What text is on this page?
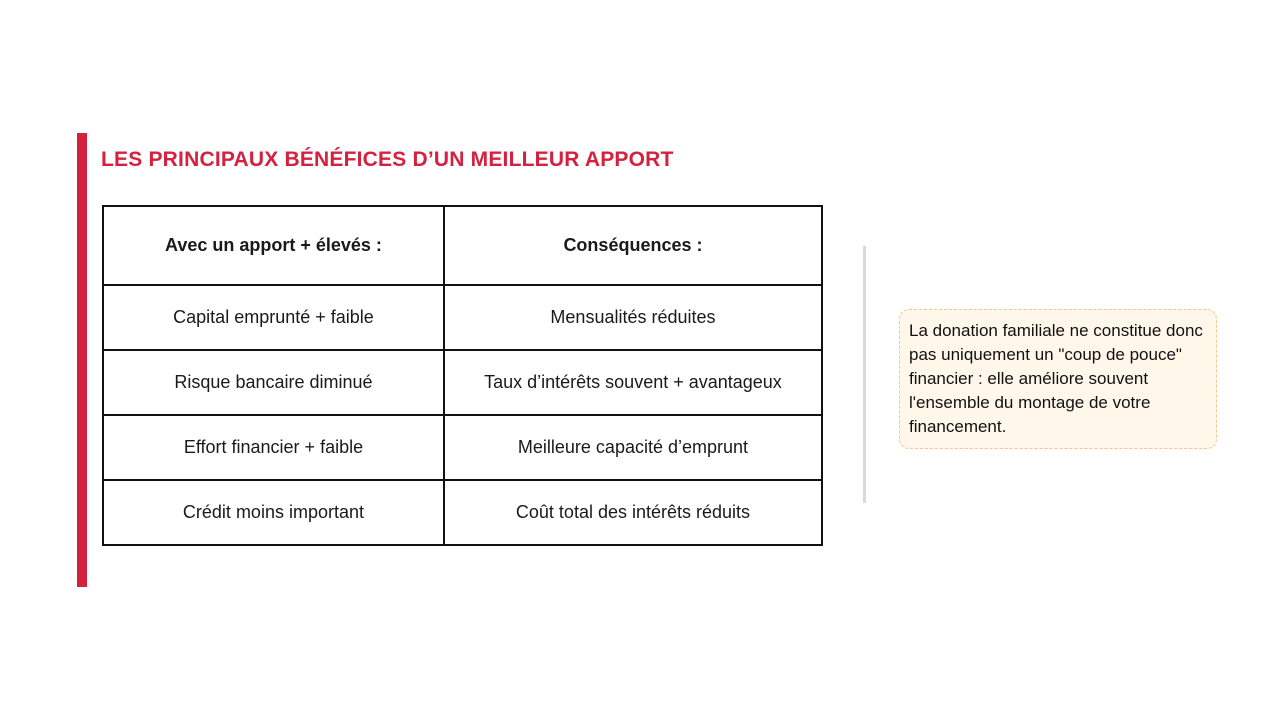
LES PRINCIPAUX BÉNÉFICES D’UN MEILLEUR APPORT
Avec un apport + élevés :	Conséquences :
Capital emprunté + faible	Mensualités réduites
Risque bancaire diminué	Taux d’intérêts souvent + avantageux
Effort financier + faible	Meilleure capacité d’emprunt
Crédit moins important	Coût total des intérêts réduits
La donation familiale ne constitue donc pas uniquement un "coup de pouce" financier : elle améliore souvent l'ensemble du montage de votre financement.
